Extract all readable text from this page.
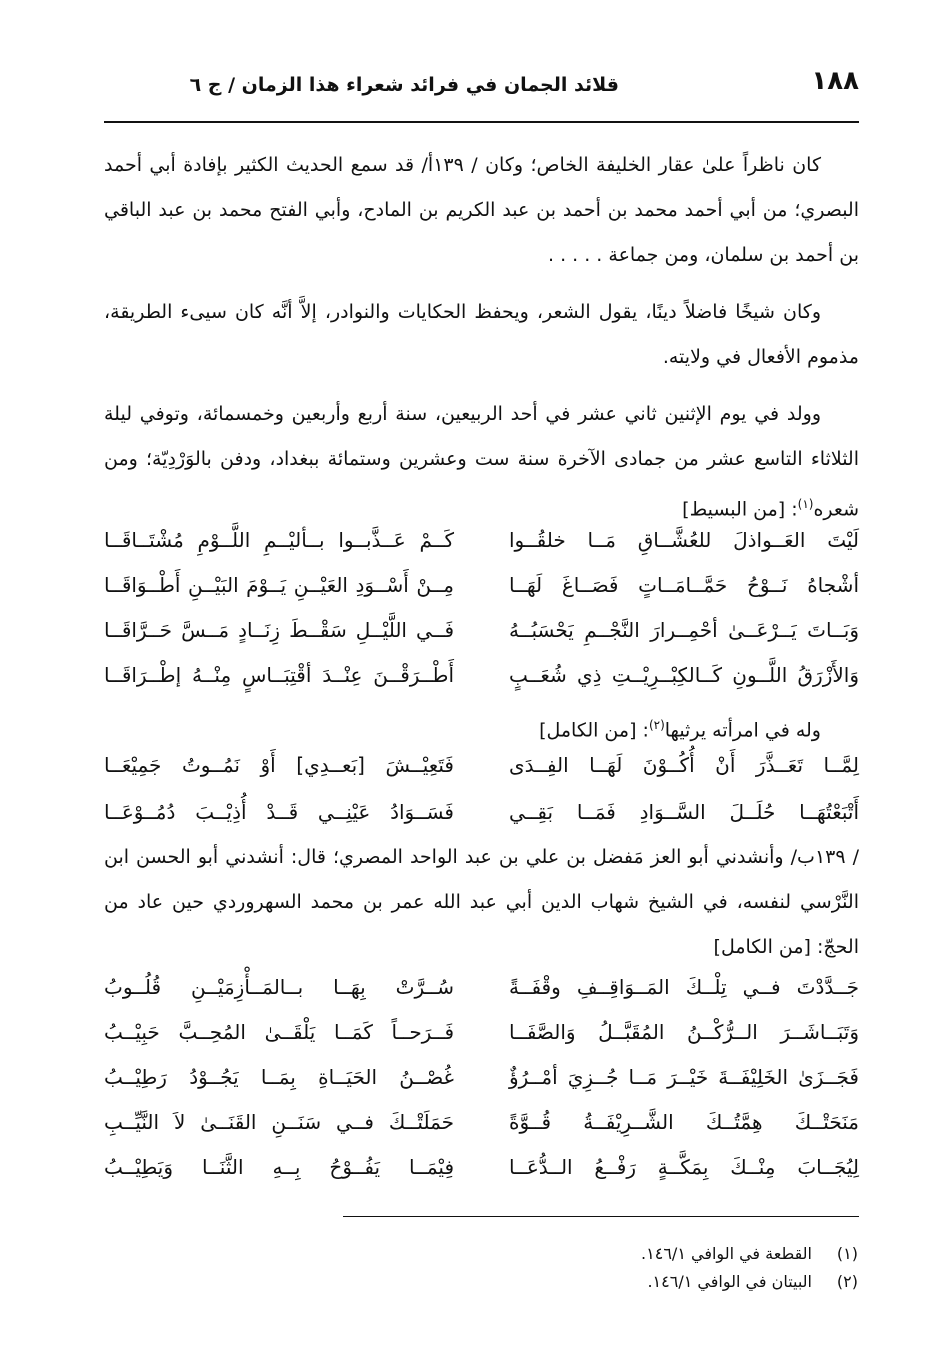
١٨٨
قلائد الجمان في فرائد شعراء هذا الزمان / ج ٦
كان ناظراً علىٰ عقار الخليفة الخاص؛ وكان / ١٣٩أ/ قد سمع الحديث الكثير بإفادة أبي أحمد البصري؛ من أبي أحمد محمد بن أحمد بن عبد الكريم بن المادح، وأبي الفتح محمد بن عبد الباقي بن أحمد بن سلمان، ومن جماعة . . . . .
وكان شيخًا فاضلاً دينًا، يقول الشعر، ويحفظ الحكايات والنوادر، إلاَّ أنَّه كان سيىء الطريقة، مذموم الأفعال في ولايته.
وولد في يوم الإثنين ثاني عشر في أحد الربيعين، سنة أربع وأربعين وخمسمائة، وتوفي ليلة الثلاثاء التاسع عشر من جمادى الآخرة سنة ست وعشرين وستمائة ببغداد، ودفن بالوَرْدِيّة؛ ومن شعره$^{(١)}$: [من البسيط]
لَيْتَ العَــواذلَ للعُشَّــاقِ مَــا خلقُــوا
كَــمْ عَــذَّبــوا بــأليْــمِ اللَّــوْمِ مُشْتَــاقَــا
أشْجاهُ نَــوْحُ حَمَّــامَــاتٍ فَصَــاغَ لَهَــا
مِــنْ أَسْــوَدِ العَيْــنِ يَــوْمَ البَيْــنِ أَطْــوَاقَــا
وَبَــاتَ يَــرْعَــىٰ أحْمِــرارَ النَّجْــمِ يَحْسَبُــهُ
فَــي اللَّيْــلِ سَقْــطَ زِنَــادٍ مَــسَّ حَــرَّاقَــا
وَالأَزْرَقُ اللَّــونِ كَــالكِبْــرِيْــتِ ذِي شُعَــبٍ
أَطْــرَقْــنَ عِنْــدَ أقْتِبَــاسٍ مِنْــهُ إطْــرَاقَــا
وله في امرأته يرثيها$^{(٢)}$: [من الكامل]
لِمَّــا تَعَــذَّرَ أَنْ أُكُــوْنَ لَهَــا الفِــدَى
فَتَعِيْــشَ [بَعــدِي] أَوْ نَمُــوتُ جَمِيْعَــا
أَتْبَعْتُهَــا حُلَــلَ السَّــوَادِ فَمَــا بَقِــي
فَسَــوَادُ عَيْنِــي قَــدْ أُذِيْــبَ دُمُــوْعَــا
/ ١٣٩ب/ وأنشدني أبو العز مَفضل بن علي بن عبد الواحد المصري؛ قال: أنشدني أبو الحسن ابن النَّرْسي لنفسه، في الشيخ شهاب الدين أبي عبد الله عمر بن محمد السهروردي حين عاد من الحجّ: [من الكامل]
جَــدَّدْتَ فــي تِلْــكَ المَــوَاقِــفِ وقْفَــةً
سُــرَّتْ بِهَــا بــالمَــأْزِمَيْــنِ قُلُــوبُ
وَتَبَــاشَــرَ الــرُّكْــنُ المُقَبَّــلُ وَالصَّفَــا
فَــرَحــاً كَمَــا يَلْقَــىٰ المُحِــبَّ حَبِيْــبُ
فَجَــزَىٰ الخَلِيْفَــةَ خَيْــرَ مَــا جُــزِيَ أمْــرُؤٌ
غُصْــنُ الحَيَــاةِ بِمَــا يَجُــوْدُ رَطِيْــبُ
مَنَحَتْــكَ هِمَّتُــكَ الشَّــرِيْفَــةُ قُــوَّةً
حَمَلَتْــكَ فــي سَنَــنِ القَنَــىٰ لاَ النَّيِّــبِ
لِيُجَــابَ مِنْــكَ بِمَكَّــةٍ رَفْــعُ الــدُّعَــا
فِيْمَــا يَفُــوْحُ بِــهِ الثَّنَــا وَيَطِيْــبُ
(١)القطعة في الوافي ١٤٦/١.
(٢)البيتان في الوافي ١٤٦/١.
